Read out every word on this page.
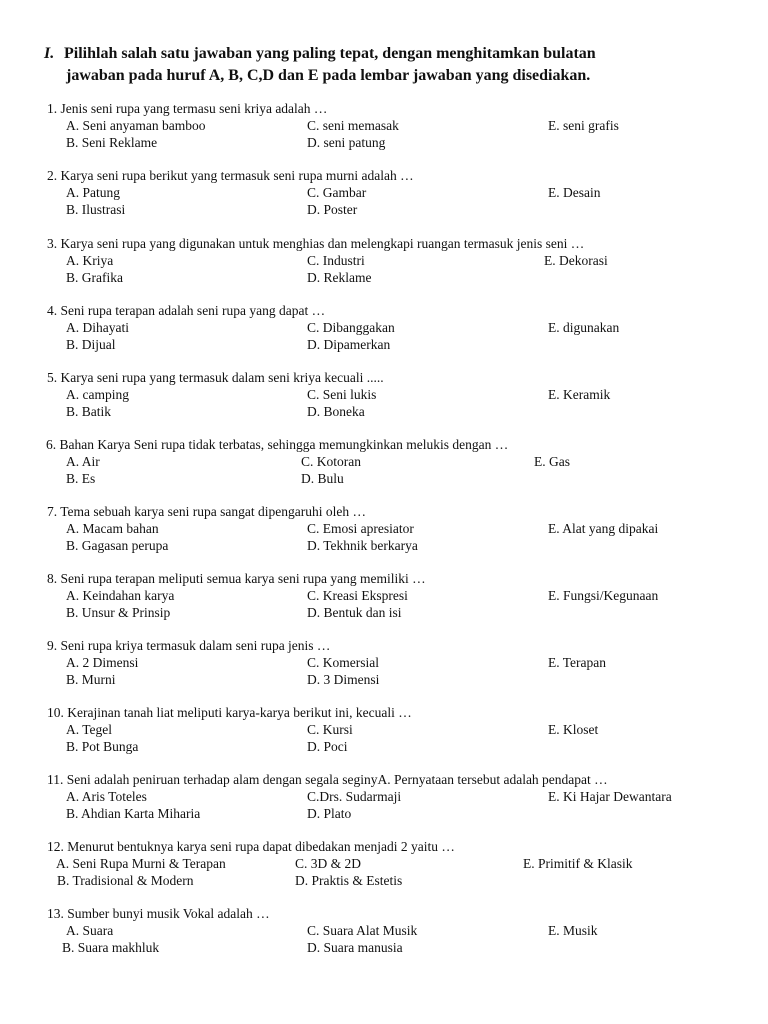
I. Pilihlah salah satu jawaban yang paling tepat, dengan menghitamkan bulatan
jawaban pada huruf A, B, C,D dan E pada lembar jawaban yang disediakan.
1. Jenis seni rupa yang termasu seni kriya adalah …
A. Seni anyaman bamboo	C. seni memasak	E. seni grafis
B. Seni Reklame	D. seni patung
2. Karya seni rupa berikut yang termasuk seni rupa murni adalah …
A. Patung	C. Gambar	E. Desain
B. Ilustrasi	D. Poster
3. Karya seni rupa yang digunakan untuk menghias dan melengkapi ruangan termasuk jenis seni …
A. Kriya	C. Industri	E. Dekorasi
B. Grafika	D. Reklame
4. Seni rupa terapan adalah seni rupa yang dapat …
A. Dihayati	C. Dibanggakan	E. digunakan
B. Dijual	D. Dipamerkan
5. Karya seni rupa yang termasuk dalam seni kriya kecuali .....
A. camping	C. Seni lukis	E. Keramik
B. Batik	D. Boneka
6. Bahan Karya Seni rupa tidak terbatas, sehingga memungkinkan melukis dengan …
A. Air	C. Kotoran	E. Gas
B. Es	D. Bulu
7. Tema sebuah karya seni rupa sangat dipengaruhi oleh …
A. Macam bahan	C. Emosi apresiator	E. Alat yang dipakai
B. Gagasan perupa	D. Tekhnik berkarya
8. Seni rupa terapan meliputi semua karya seni rupa yang memiliki …
A. Keindahan karya	C. Kreasi Ekspresi	E. Fungsi/Kegunaan
B. Unsur & Prinsip	D. Bentuk dan isi
9. Seni rupa kriya termasuk dalam seni rupa jenis …
A. 2 Dimensi	C. Komersial	E. Terapan
B. Murni	D. 3 Dimensi
10. Kerajinan tanah liat meliputi karya-karya berikut ini, kecuali …
A. Tegel	C. Kursi	E. Kloset
B. Pot Bunga	D. Poci
11. Seni adalah peniruan terhadap alam dengan segala seginyA. Pernyataan tersebut adalah pendapat …
A. Aris Toteles	C.Drs. Sudarmaji	E. Ki Hajar Dewantara
B. Ahdian Karta Miharia	D. Plato
12. Menurut bentuknya karya seni rupa dapat dibedakan menjadi 2 yaitu …
A. Seni Rupa Murni & Terapan	C. 3D & 2D	E. Primitif & Klasik
B. Tradisional & Modern	D. Praktis & Estetis
13. Sumber bunyi musik Vokal adalah …
A. Suara	C. Suara Alat Musik	E. Musik
B. Suara makhluk	D. Suara manusia
